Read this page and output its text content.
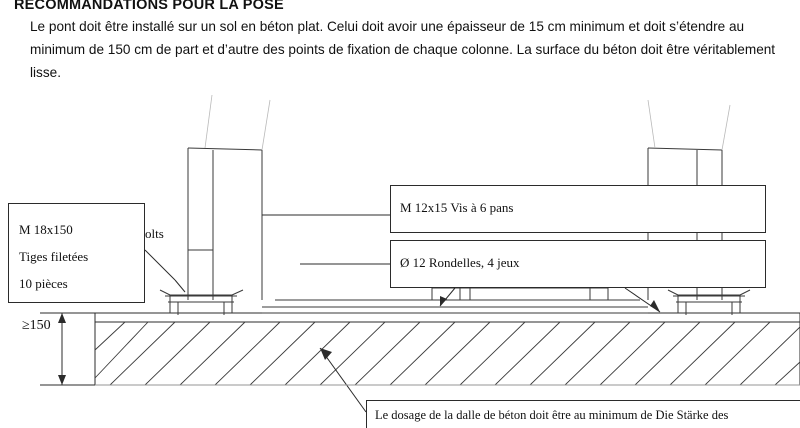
RECOMMANDATIONS POUR LA POSE
Le pont doit être installé sur un sol en béton plat. Celui doit avoir une épaisseur de 15 cm minimum et doit s’étendre au minimum de 150 cm de part et d’autre des points de fixation de chaque colonne. La surface du béton doit être véritablement lisse.
M 18x150
Tiges filetées
10 pièces
M 12x15 Vis à 6 pans
Ø 12 Rondelles, 4 jeux
Le dosage de la dalle de béton doit être au minimum de Die Stärke des
olts
≥150
